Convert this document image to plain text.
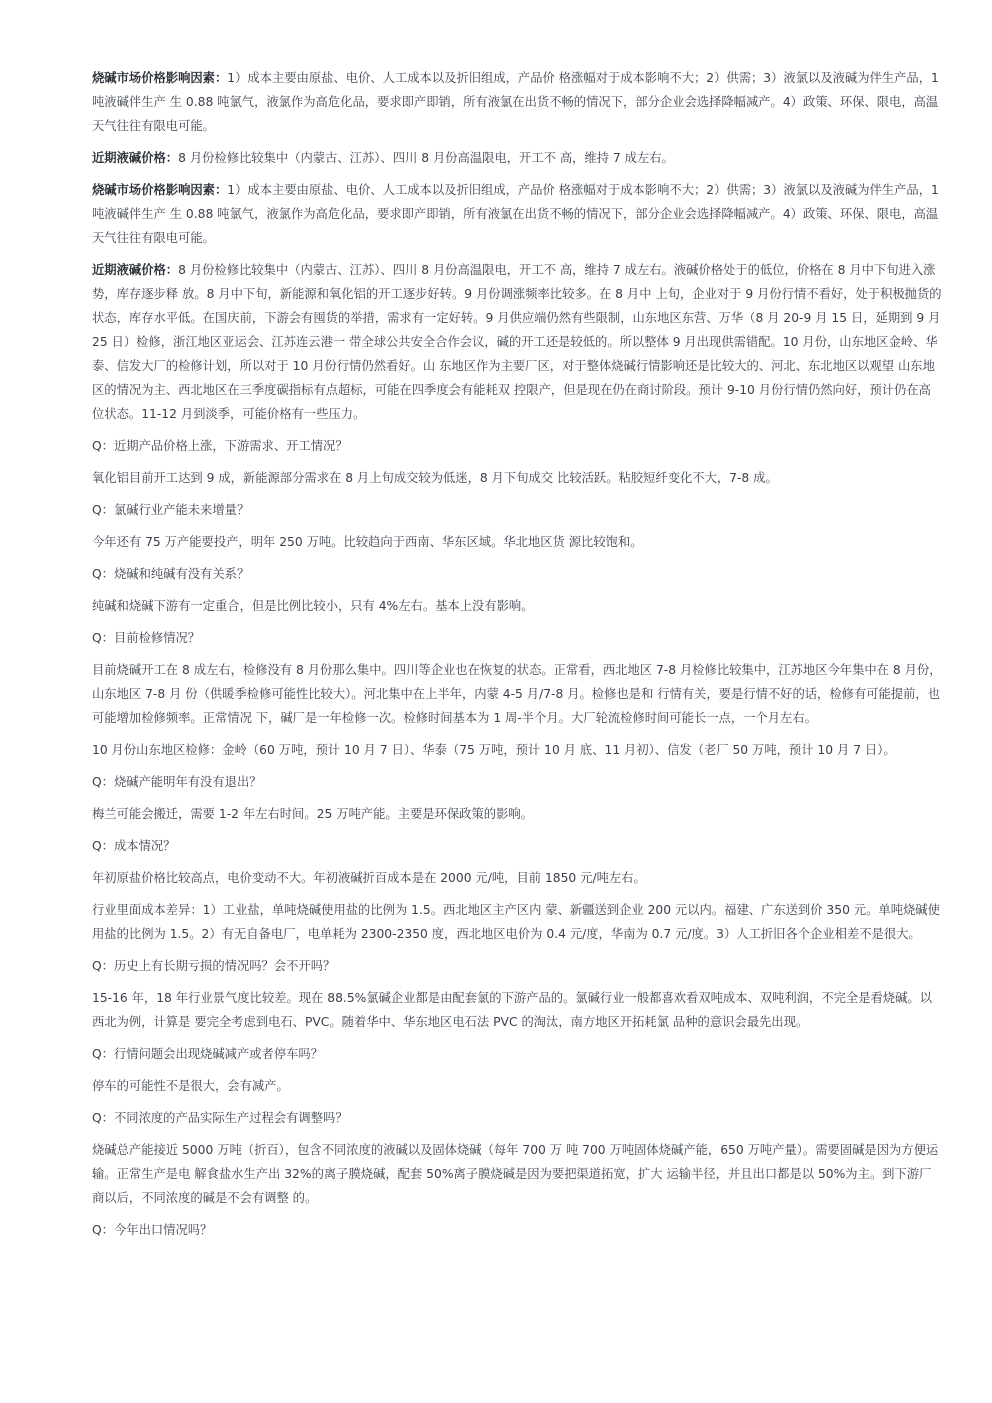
烧碱市场价格影响因素：1）成本主要由原盐、电价、人工成本以及折旧组成，产品价 格涨幅对于成本影响不大；2）供需；3）液氯以及液碱为伴生产品，1 吨液碱伴生产 生 0.88 吨氯气，液氯作为高危化品，要求即产即销，所有液氯在出货不畅的情况下，部分企业会选择降幅减产。4）政策、环保、限电，高温天气往往有限电可能。

近期液碱价格：8 月份检修比较集中（内蒙古、江苏）、四川 8 月份高温限电，开工不 高，维持 7 成左右。

烧碱市场价格影响因素：1）成本主要由原盐、电价、人工成本以及折旧组成，产品价 格涨幅对于成本影响不大；2）供需；3）液氯以及液碱为伴生产品，1 吨液碱伴生产 生 0.88 吨氯气，液氯作为高危化品，要求即产即销，所有液氯在出货不畅的情况下，部分企业会选择降幅减产。4）政策、环保、限电，高温天气往往有限电可能。

近期液碱价格：8 月份检修比较集中（内蒙古、江苏）、四川 8 月份高温限电，开工不 高，维持 7 成左右。液碱价格处于的低位，价格在 8 月中下旬进入涨势，库存逐步释 放。8 月中下旬，新能源和氧化铝的开工逐步好转。9 月份调涨频率比较多。在 8 月中 上旬，企业对于 9 月份行情不看好，处于积极抛货的状态，库存水平低。在国庆前，下游会有囤货的举措，需求有一定好转。9 月供应端仍然有些限制，山东地区东营、万华（8 月 20-9 月 15 日，延期到 9 月 25 日）检修，浙江地区亚运会、江苏连云港一 带全球公共安全合作会议，碱的开工还是较低的。所以整体 9 月出现供需错配。10 月份，山东地区金岭、华泰、信发大厂的检修计划，所以对于 10 月份行情仍然看好。山 东地区作为主要厂区，对于整体烧碱行情影响还是比较大的、河北、东北地区以观望 山东地区的情况为主、西北地区在三季度碳指标有点超标，可能在四季度会有能耗双 控限产，但是现在仍在商讨阶段。预计 9-10 月份行情仍然向好，预计仍在高位状态。11-12 月到淡季，可能价格有一些压力。

Q：近期产品价格上涨，下游需求、开工情况？

氧化铝目前开工达到 9 成，新能源部分需求在 8 月上旬成交较为低迷，8 月下旬成交 比较活跃。粘胶短纤变化不大，7-8 成。

Q：氯碱行业产能未来增量？

今年还有 75 万产能要投产，明年 250 万吨。比较趋向于西南、华东区域。华北地区货 源比较饱和。

Q：烧碱和纯碱有没有关系？

纯碱和烧碱下游有一定重合，但是比例比较小，只有 4%左右。基本上没有影响。

Q：目前检修情况？

目前烧碱开工在 8 成左右，检修没有 8 月份那么集中。四川等企业也在恢复的状态。正常看，西北地区 7-8 月检修比较集中，江苏地区今年集中在 8 月份，山东地区 7-8 月 份（供暖季检修可能性比较大）。河北集中在上半年，内蒙 4-5 月/7-8 月。检修也是和 行情有关，要是行情不好的话，检修有可能提前，也可能增加检修频率。正常情况 下，碱厂是一年检修一次。检修时间基本为 1 周-半个月。大厂轮流检修时间可能长一点，一个月左右。

10 月份山东地区检修：金岭（60 万吨，预计 10 月 7 日）、华泰（75 万吨，预计 10 月 底、11 月初）、信发（老厂 50 万吨，预计 10 月 7 日）。

Q：烧碱产能明年有没有退出？

梅兰可能会搬迁，需要 1-2 年左右时间。25 万吨产能。主要是环保政策的影响。

Q：成本情况？

年初原盐价格比较高点，电价变动不大。年初液碱折百成本是在 2000 元/吨，目前 1850 元/吨左右。

行业里面成本差异：1）工业盐，单吨烧碱使用盐的比例为 1.5。西北地区主产区内 蒙、新疆送到企业 200 元以内。福建、广东送到价 350 元。单吨烧碱使用盐的比例为 1.5。2）有无自备电厂，电单耗为 2300-2350 度，西北地区电价为 0.4 元/度，华南为 0.7 元/度。3）人工折旧各个企业相差不是很大。

Q：历史上有长期亏损的情况吗？会不开吗？

15-16 年，18 年行业景气度比较差。现在 88.5%氯碱企业都是由配套氯的下游产品的。氯碱行业一般都喜欢看双吨成本、双吨利润，不完全是看烧碱。以西北为例，计算是 要完全考虑到电石、PVC。随着华中、华东地区电石法 PVC 的淘汰，南方地区开拓耗氯 品种的意识会最先出现。

Q：行情问题会出现烧碱减产或者停车吗？

停车的可能性不是很大，会有减产。

Q：不同浓度的产品实际生产过程会有调整吗？

烧碱总产能接近 5000 万吨（折百），包含不同浓度的液碱以及固体烧碱（每年 700 万 吨 700 万吨固体烧碱产能，650 万吨产量）。需要固碱是因为方便运输。正常生产是电 解食盐水生产出 32%的离子膜烧碱，配套 50%离子膜烧碱是因为要把渠道拓宽，扩大 运输半径，并且出口都是以 50%为主。到下游厂商以后，不同浓度的碱是不会有调整 的。

Q：今年出口情况吗？
